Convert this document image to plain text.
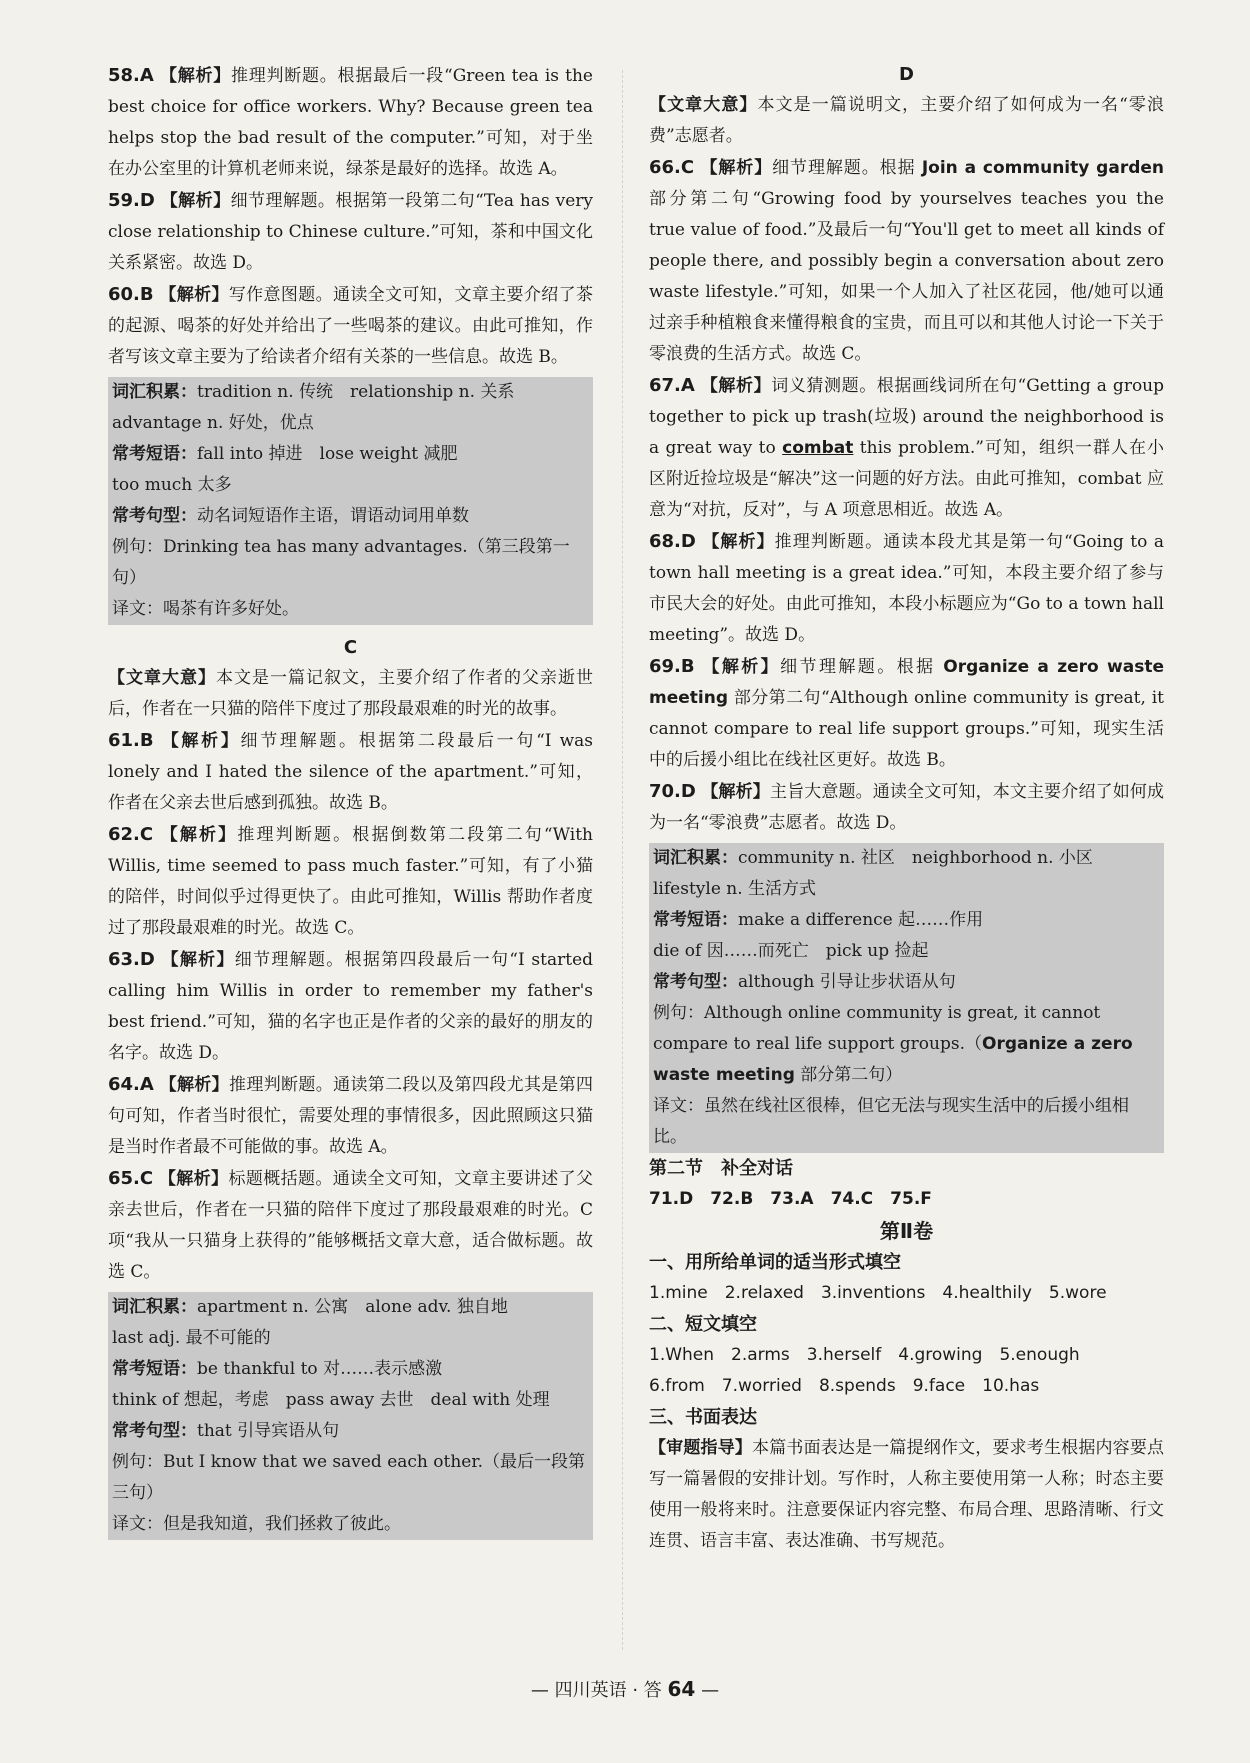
58.A 【解析】推理判断题。根据最后一段“Green tea is the best choice for office workers. Why? Because green tea helps stop the bad result of the computer.”可知，对于坐在办公室里的计算机老师来说，绿茶是最好的选择。故选 A。

59.D 【解析】细节理解题。根据第一段第二句“Tea has very close relationship to Chinese culture.”可知，茶和中国文化关系紧密。故选 D。

60.B 【解析】写作意图题。通读全文可知，文章主要介绍了茶的起源、喝茶的好处并给出了一些喝茶的建议。由此可推知，作者写该文章主要为了给读者介绍有关茶的一些信息。故选 B。

词汇积累：tradition n. 传统　relationship n. 关系

advantage n. 好处，优点

常考短语：fall into 掉进　lose weight 减肥

too much 太多

常考句型：动名词短语作主语，谓语动词用单数

例句：Drinking tea has many advantages.（第三段第一句）

译文：喝茶有许多好处。

C

【文章大意】本文是一篇记叙文，主要介绍了作者的父亲逝世后，作者在一只猫的陪伴下度过了那段最艰难的时光的故事。

61.B 【解析】细节理解题。根据第二段最后一句“I was lonely and I hated the silence of the apartment.”可知，作者在父亲去世后感到孤独。故选 B。

62.C 【解析】推理判断题。根据倒数第二段第二句“With Willis, time seemed to pass much faster.”可知，有了小猫的陪伴，时间似乎过得更快了。由此可推知，Willis 帮助作者度过了那段最艰难的时光。故选 C。

63.D 【解析】细节理解题。根据第四段最后一句“I started calling him Willis in order to remember my father's best friend.”可知，猫的名字也正是作者的父亲的最好的朋友的名字。故选 D。

64.A 【解析】推理判断题。通读第二段以及第四段尤其是第四句可知，作者当时很忙，需要处理的事情很多，因此照顾这只猫是当时作者最不可能做的事。故选 A。

65.C 【解析】标题概括题。通读全文可知，文章主要讲述了父亲去世后，作者在一只猫的陪伴下度过了那段最艰难的时光。C 项“我从一只猫身上获得的”能够概括文章大意，适合做标题。故选 C。

词汇积累：apartment n. 公寓　alone adv. 独自地

last adj. 最不可能的

常考短语：be thankful to 对……表示感激

think of 想起，考虑　pass away 去世　deal with 处理

常考句型：that 引导宾语从句

例句：But I know that we saved each other.（最后一段第三句）

译文：但是我知道，我们拯救了彼此。

D

【文章大意】本文是一篇说明文，主要介绍了如何成为一名“零浪费”志愿者。

66.C 【解析】细节理解题。根据 Join a community garden 部分第二句“Growing food by yourselves teaches you the true value of food.”及最后一句“You'll get to meet all kinds of people there, and possibly begin a conversation about zero waste lifestyle.”可知，如果一个人加入了社区花园，他/她可以通过亲手种植粮食来懂得粮食的宝贵，而且可以和其他人讨论一下关于零浪费的生活方式。故选 C。

67.A 【解析】词义猜测题。根据画线词所在句“Getting a group together to pick up trash(垃圾) around the neighborhood is a great way to combat this problem.”可知，组织一群人在小区附近捡垃圾是“解决”这一问题的好方法。由此可推知，combat 应意为“对抗，反对”，与 A 项意思相近。故选 A。

68.D 【解析】推理判断题。通读本段尤其是第一句“Going to a town hall meeting is a great idea.”可知，本段主要介绍了参与市民大会的好处。由此可推知，本段小标题应为“Go to a town hall meeting”。故选 D。

69.B 【解析】细节理解题。根据 Organize a zero waste meeting 部分第二句“Although online community is great, it cannot compare to real life support groups.”可知，现实生活中的后援小组比在线社区更好。故选 B。

70.D 【解析】主旨大意题。通读全文可知，本文主要介绍了如何成为一名“零浪费”志愿者。故选 D。

词汇积累：community n. 社区　neighborhood n. 小区

lifestyle n. 生活方式

常考短语：make a difference 起……作用

die of 因……而死亡　pick up 捡起

常考句型：although 引导让步状语从句

例句：Although online community is great, it cannot compare to real life support groups.（Organize a zero waste meeting 部分第二句）

译文：虽然在线社区很棒，但它无法与现实生活中的后援小组相比。

第二节　补全对话

71.D　72.B　73.A　74.C　75.F

第Ⅱ卷

一、用所给单词的适当形式填空

1.mine　2.relaxed　3.inventions　4.healthily　5.wore

二、短文填空

1.When　2.arms　3.herself　4.growing　5.enough

6.from　7.worried　8.spends　9.face　10.has

三、书面表达

【审题指导】本篇书面表达是一篇提纲作文，要求考生根据内容要点写一篇暑假的安排计划。写作时，人称主要使用第一人称；时态主要使用一般将来时。注意要保证内容完整、布局合理、思路清晰、行文连贯、语言丰富、表达准确、书写规范。

— 四川英语 · 答 64 —
